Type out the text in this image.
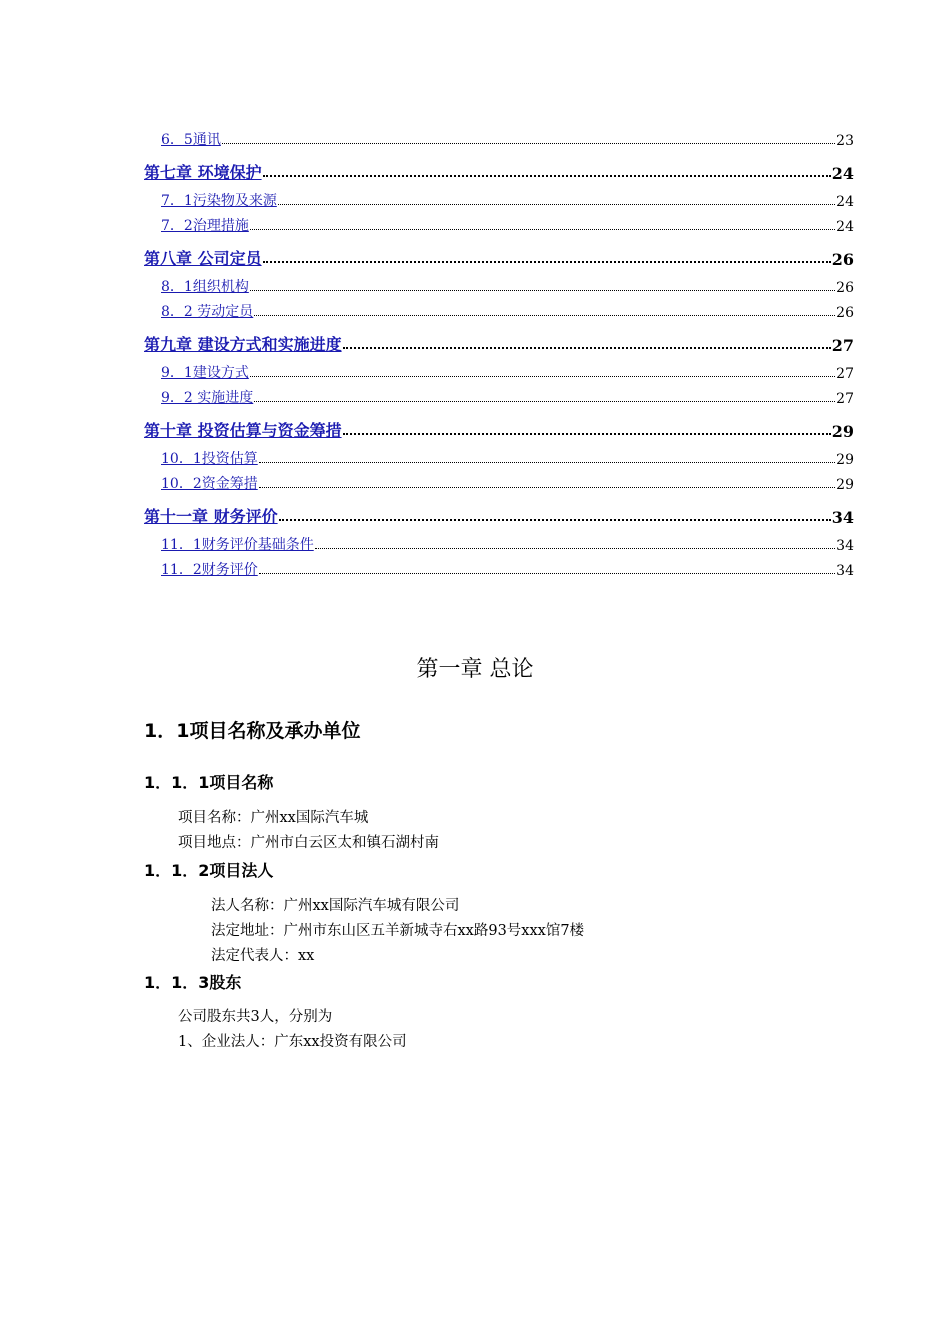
6．5通讯	23
第七章 环境保护	24
7．1污染物及来源	24
7．2治理措施	24
第八章 公司定员	26
8．1组织机构	26
8．2 劳动定员	26
第九章 建设方式和实施进度	27
9．1建设方式	27
9．2 实施进度	27
第十章 投资估算与资金筹措	29
10．1投资估算	29
10．2资金筹措	29
第十一章 财务评价	34
11．1财务评价基础条件	34
11．2财务评价	34
第一章 总论
1．1项目名称及承办单位
1．1．1项目名称
项目名称：广州xx国际汽车城
项目地点：广州市白云区太和镇石湖村南
1．1．2项目法人
法人名称：广州xx国际汽车城有限公司
法定地址：广州市东山区五羊新城寺右xx路93号xxx馆7楼
法定代表人：xx
1．1．3股东
公司股东共3人，分别为
1、企业法人：广东xx投资有限公司
